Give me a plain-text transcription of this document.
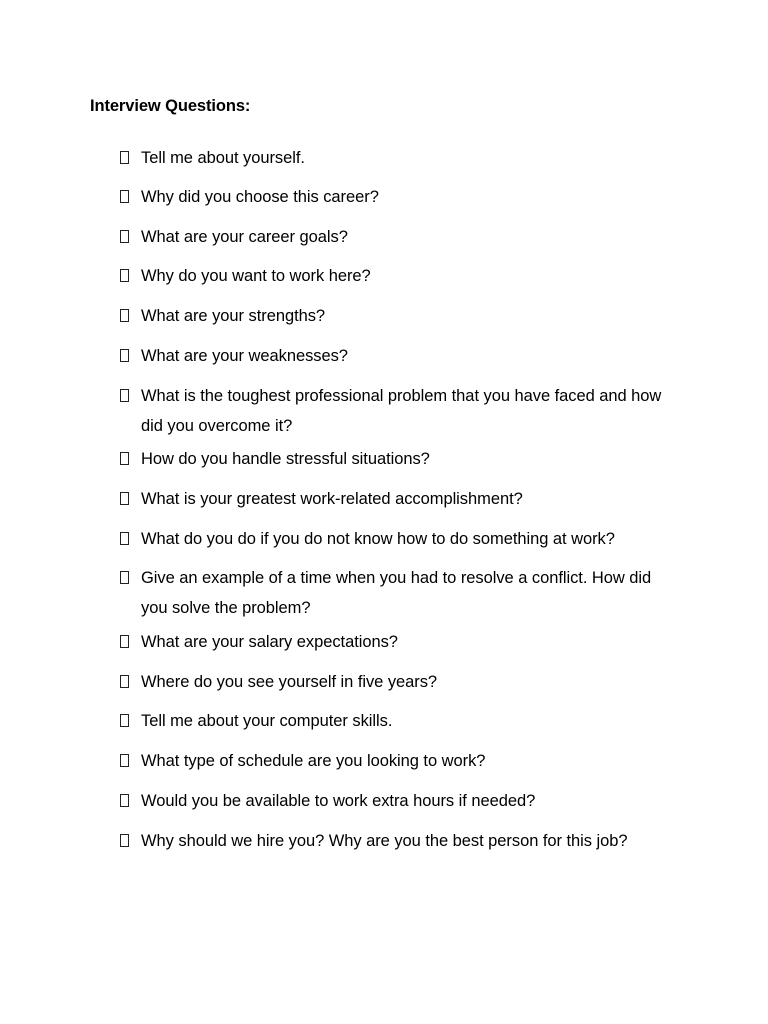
Interview Questions:
Tell me about yourself.
Why did you choose this career?
What are your career goals?
Why do you want to work here?
What are your strengths?
What are your weaknesses?
What is the toughest professional problem that you have faced and how did you overcome it?
How do you handle stressful situations?
What is your greatest work-related accomplishment?
What do you do if you do not know how to do something at work?
Give an example of a time when you had to resolve a conflict. How did you solve the problem?
What are your salary expectations?
Where do you see yourself in five years?
Tell me about your computer skills.
What type of schedule are you looking to work?
Would you be available to work extra hours if needed?
Why should we hire you? Why are you the best person for this job?
